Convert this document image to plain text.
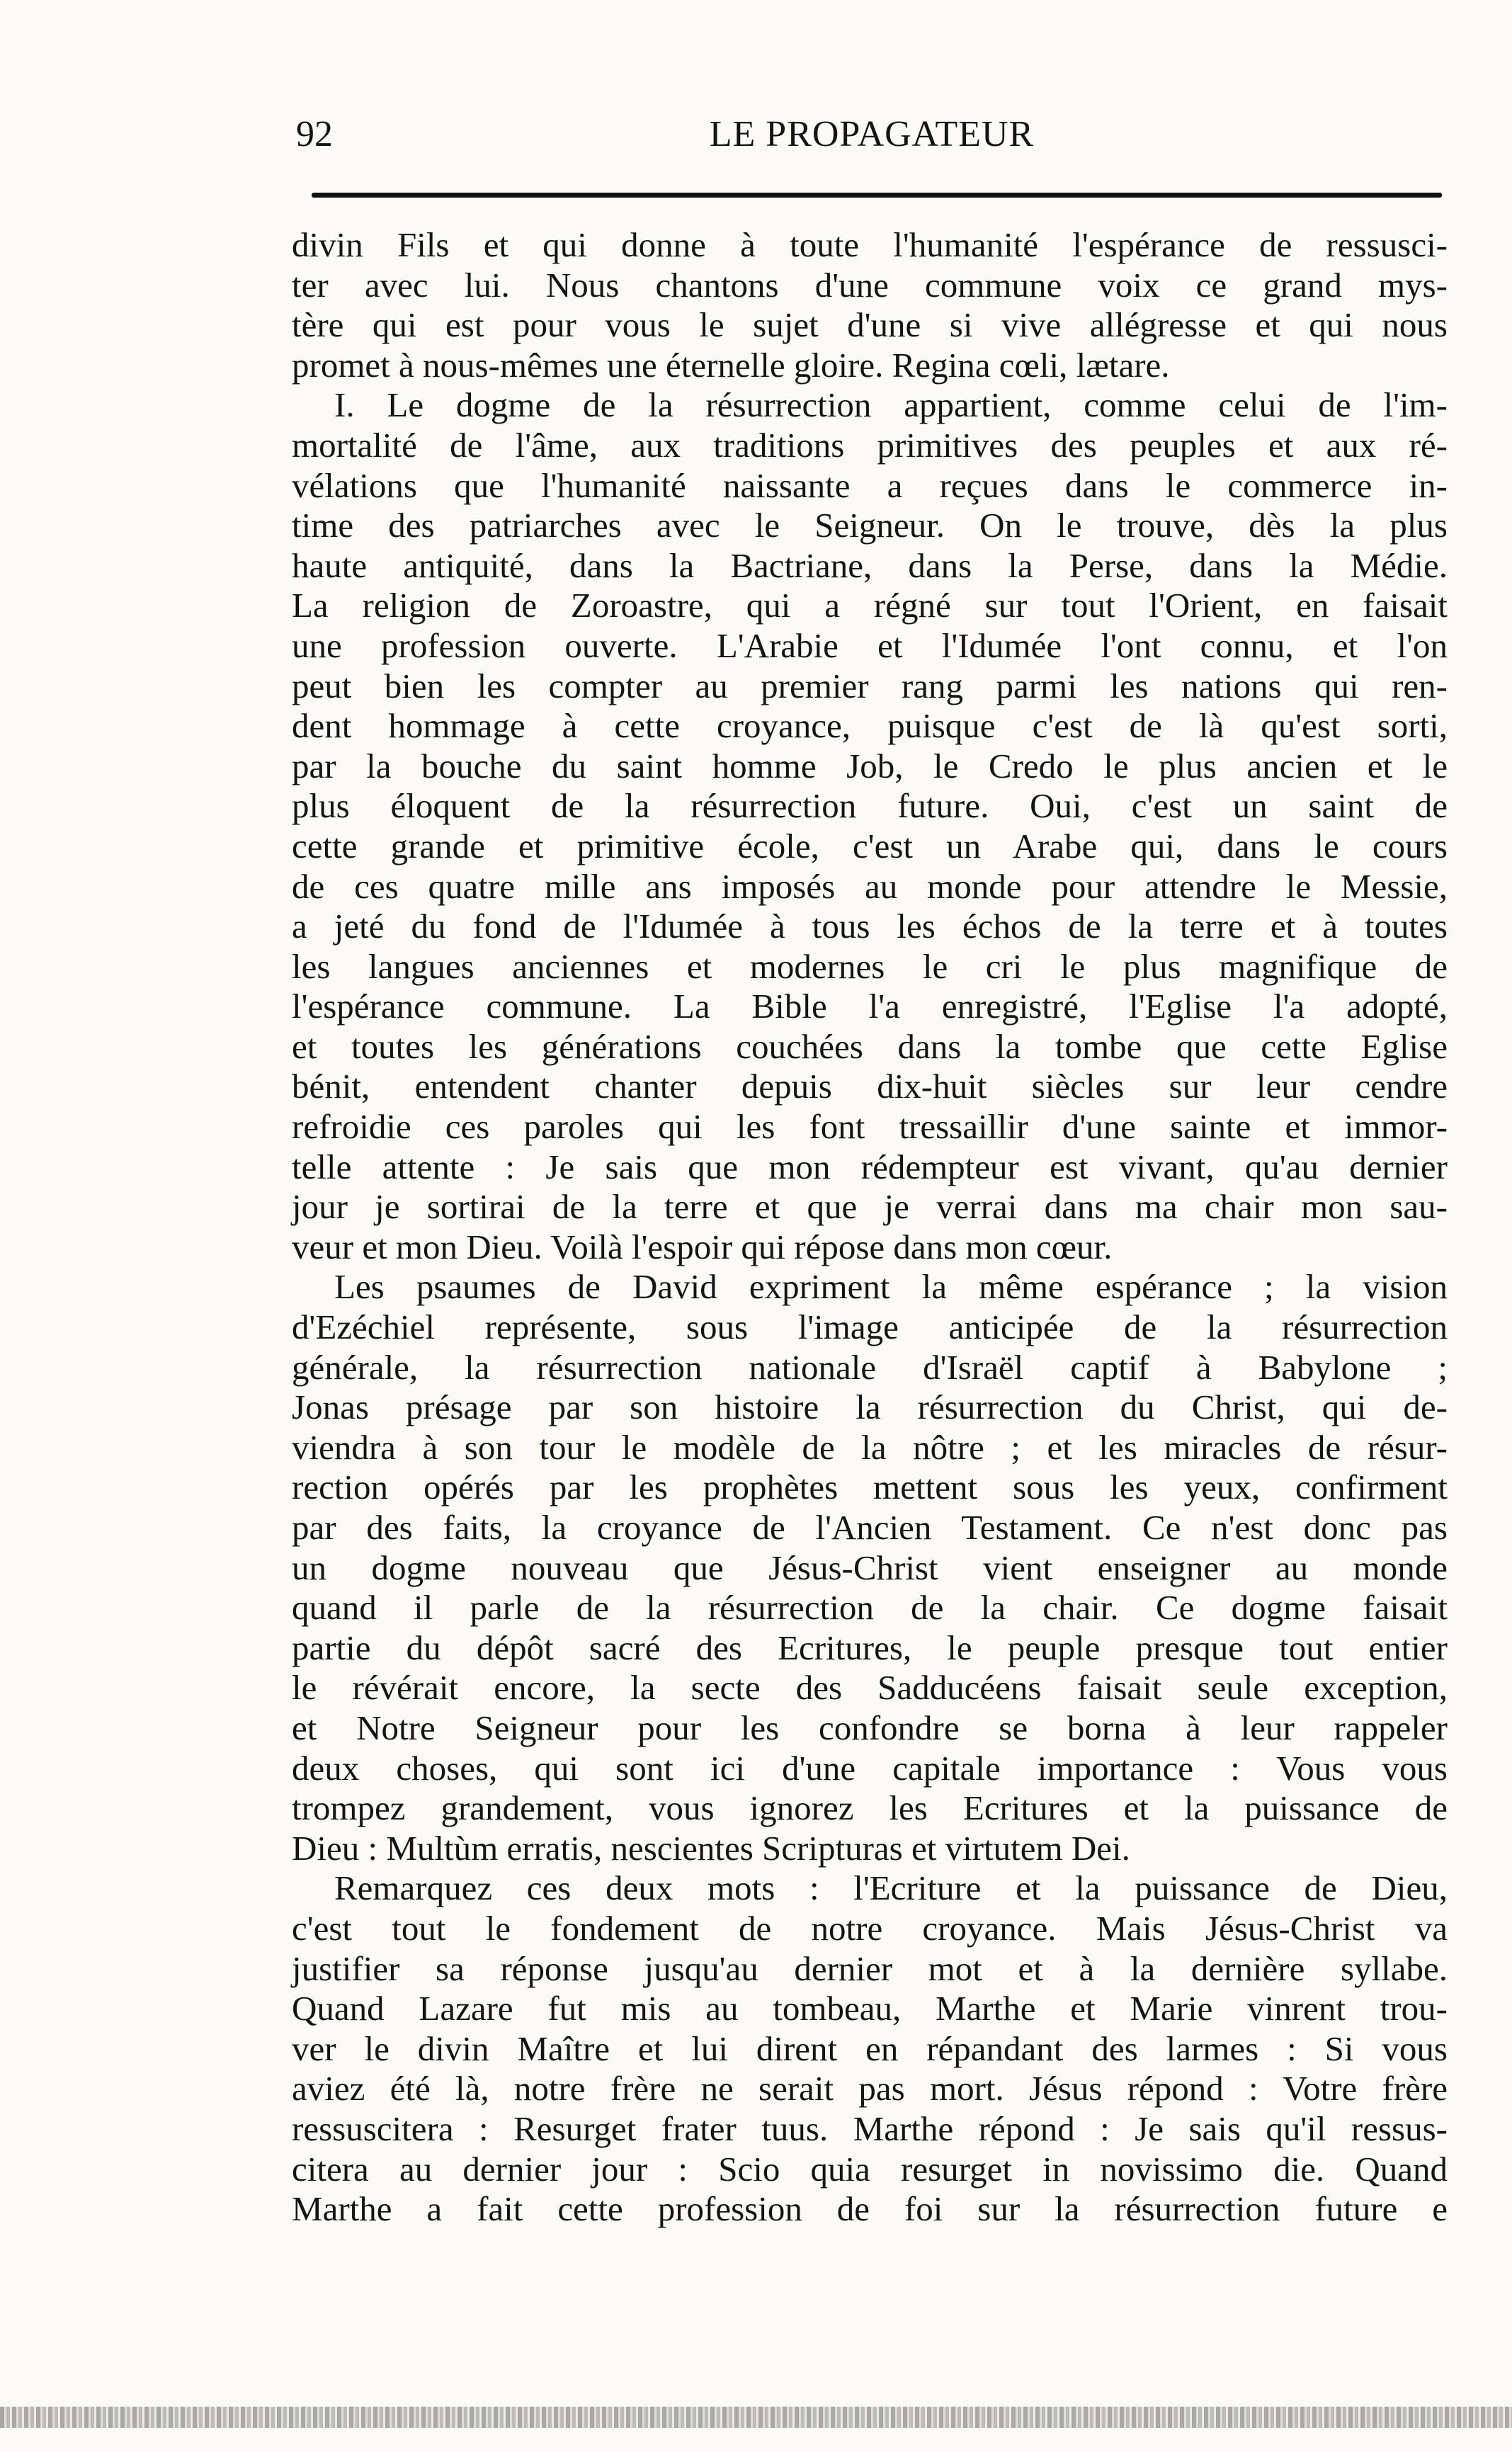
92	LE PROPAGATEUR
divin Fils et qui donne à toute l'humanité l'espérance de ressusci-
ter avec lui. Nous chantons d'une commune voix ce grand mys-
tère qui est pour vous le sujet d'une si vive allégresse et qui nous
promet à nous-mêmes une éternelle gloire. Regina cœli, lætare.
I. Le dogme de la résurrection appartient, comme celui de l'im-
mortalité de l'âme, aux traditions primitives des peuples et aux ré-
vélations que l'humanité naissante a reçues dans le commerce in-
time des patriarches avec le Seigneur. On le trouve, dès la plus
haute antiquité, dans la Bactriane, dans la Perse, dans la Médie.
La religion de Zoroastre, qui a régné sur tout l'Orient, en faisait
une profession ouverte. L'Arabie et l'Idumée l'ont connu, et l'on
peut bien les compter au premier rang parmi les nations qui ren-
dent hommage à cette croyance, puisque c'est de là qu'est sorti,
par la bouche du saint homme Job, le Credo le plus ancien et le
plus éloquent de la résurrection future. Oui, c'est un saint de
cette grande et primitive école, c'est un Arabe qui, dans le cours
de ces quatre mille ans imposés au monde pour attendre le Messie,
a jeté du fond de l'Idumée à tous les échos de la terre et à toutes
les langues anciennes et modernes le cri le plus magnifique de
l'espérance commune. La Bible l'a enregistré, l'Eglise l'a adopté,
et toutes les générations couchées dans la tombe que cette Eglise
bénit, entendent chanter depuis dix-huit siècles sur leur cendre
refroidie ces paroles qui les font tressaillir d'une sainte et immor-
telle attente : Je sais que mon rédempteur est vivant, qu'au dernier
jour je sortirai de la terre et que je verrai dans ma chair mon sau-
veur et mon Dieu. Voilà l'espoir qui répose dans mon cœur.
Les psaumes de David expriment la même espérance ; la vision
d'Ezéchiel représente, sous l'image anticipée de la résurrection
générale, la résurrection nationale d'Israël captif à Babylone ;
Jonas présage par son histoire la résurrection du Christ, qui de-
viendra à son tour le modèle de la nôtre ; et les miracles de résur-
rection opérés par les prophètes mettent sous les yeux, confirment
par des faits, la croyance de l'Ancien Testament. Ce n'est donc pas
un dogme nouveau que Jésus-Christ vient enseigner au monde
quand il parle de la résurrection de la chair. Ce dogme faisait
partie du dépôt sacré des Ecritures, le peuple presque tout entier
le révérait encore, la secte des Sadducéens faisait seule exception,
et Notre Seigneur pour les confondre se borna à leur rappeler
deux choses, qui sont ici d'une capitale importance : Vous vous
trompez grandement, vous ignorez les Ecritures et la puissance de
Dieu : Multùm erratis, nescientes Scripturas et virtutem Dei.
Remarquez ces deux mots : l'Ecriture et la puissance de Dieu,
c'est tout le fondement de notre croyance. Mais Jésus-Christ va
justifier sa réponse jusqu'au dernier mot et à la dernière syllabe.
Quand Lazare fut mis au tombeau, Marthe et Marie vinrent trou-
ver le divin Maître et lui dirent en répandant des larmes : Si vous
aviez été là, notre frère ne serait pas mort. Jésus répond : Votre frère
ressuscitera : Resurget frater tuus. Marthe répond : Je sais qu'il ressus-
citera au dernier jour : Scio quia resurget in novissimo die. Quand
Marthe a fait cette profession de foi sur la résurrection future e
